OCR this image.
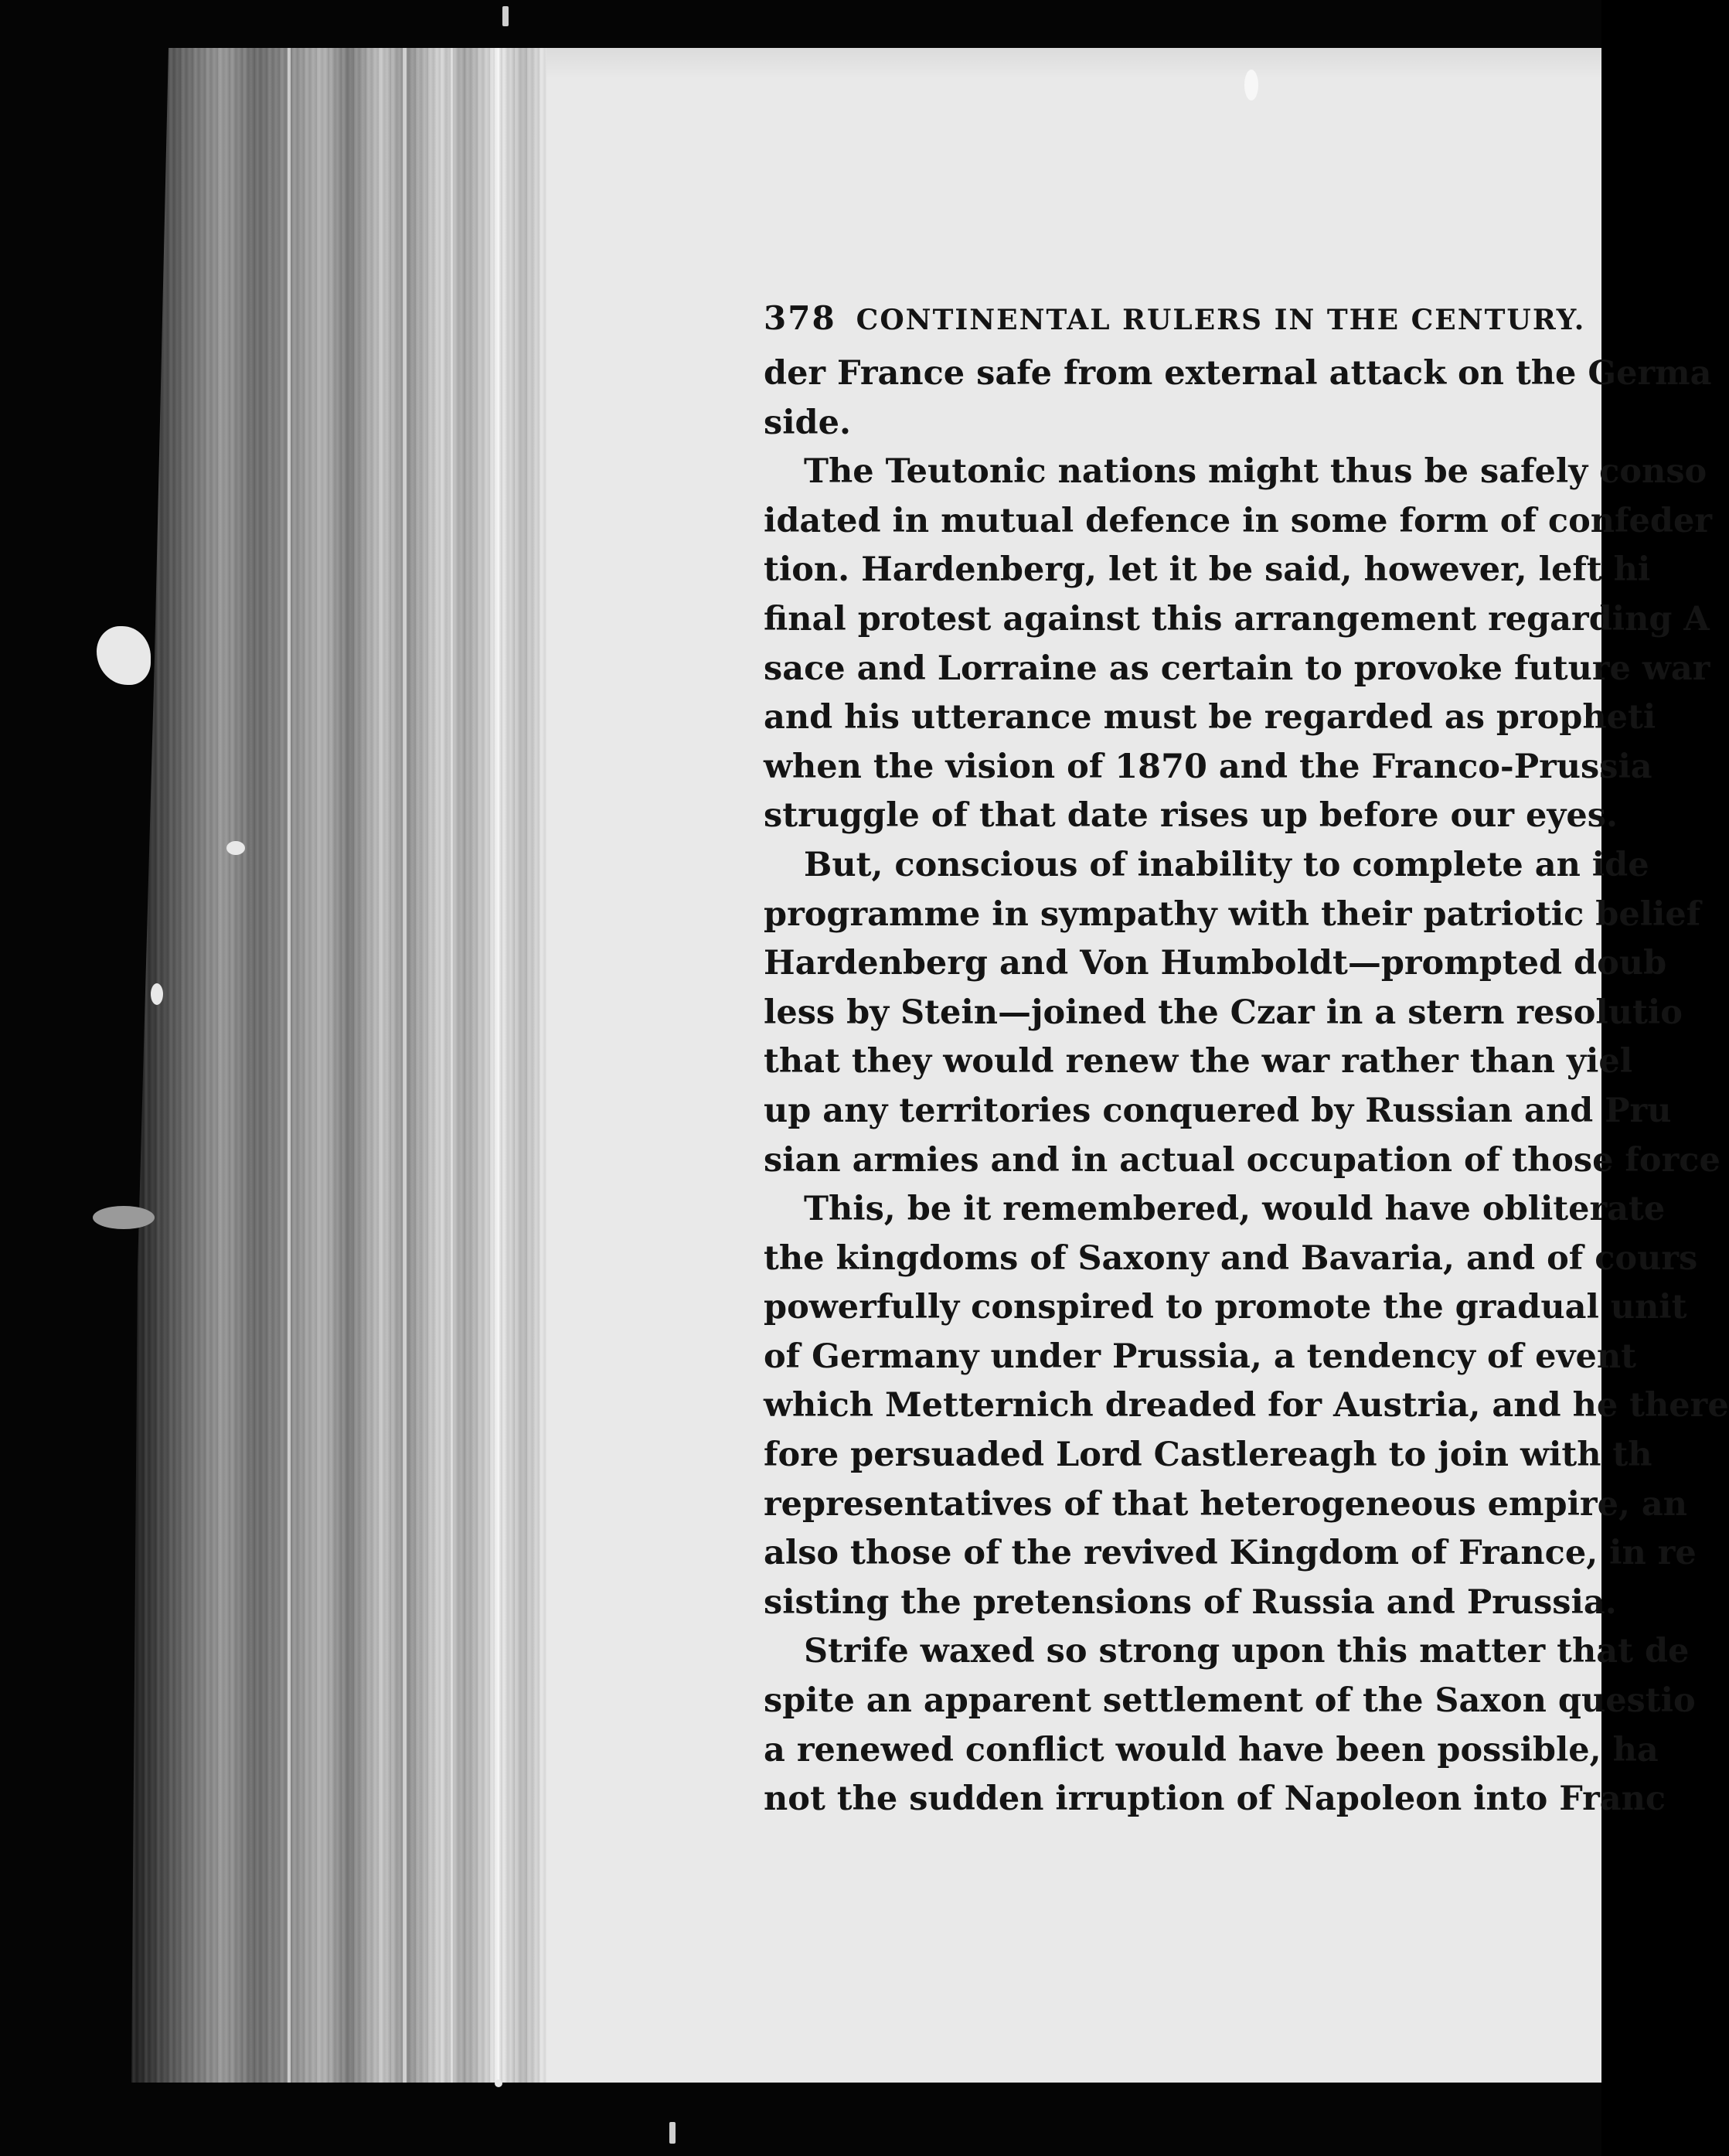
378 CONTINENTAL RULERS IN THE CENTURY.
der France safe from external attack on the Germa
side.
The Teutonic nations might thus be safely conso
idated in mutual defence in some form of confeder
tion. Hardenberg, let it be said, however, left hi
final protest against this arrangement regarding A
sace and Lorraine as certain to provoke future war
and his utterance must be regarded as propheti
when the vision of 1870 and the Franco-Prussia
struggle of that date rises up before our eyes.
But, conscious of inability to complete an ide
programme in sympathy with their patriotic belief
Hardenberg and Von Humboldt—prompted doub
less by Stein—joined the Czar in a stern resolutio
that they would renew the war rather than yiel
up any territories conquered by Russian and Pru
sian armies and in actual occupation of those force
This, be it remembered, would have obliterate
the kingdoms of Saxony and Bavaria, and of cours
powerfully conspired to promote the gradual unit
of Germany under Prussia, a tendency of event
which Metternich dreaded for Austria, and he there
fore persuaded Lord Castlereagh to join with th
representatives of that heterogeneous empire, an
also those of the revived Kingdom of France, in re
sisting the pretensions of Russia and Prussia.
Strife waxed so strong upon this matter that de
spite an apparent settlement of the Saxon questio
a renewed conflict would have been possible, ha
not the sudden irruption of Napoleon into Franc
